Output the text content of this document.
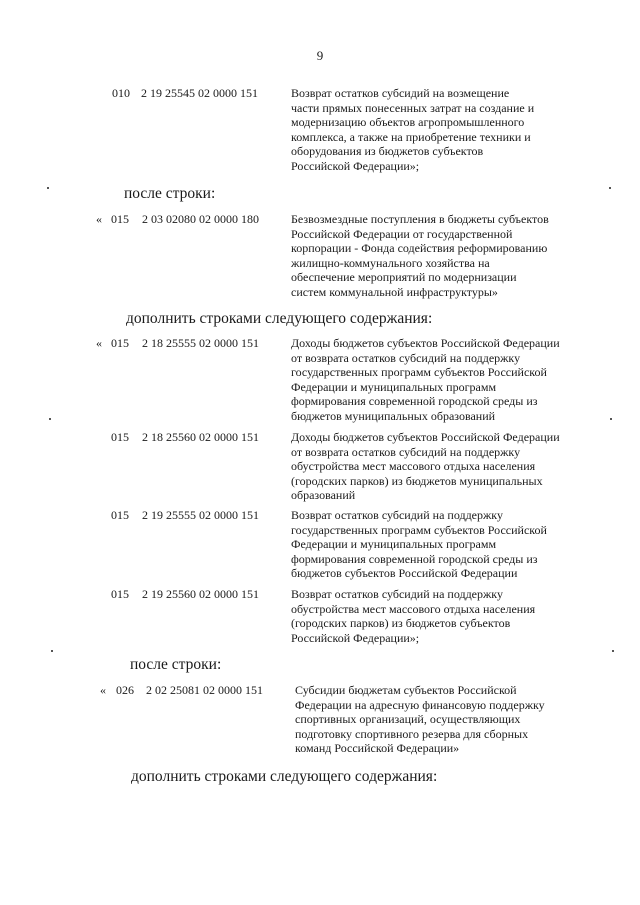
9
010 2 19 25545 02 0000 151	Возврат остатков субсидий на возмещение
части прямых понесенных затрат на создание и
модернизацию объектов агропромышленного
комплекса, а также на приобретение техники и
оборудования из бюджетов субъектов
Российской Федерации»;
после строки:
« 015 2 03 02080 02 0000 180	Безвозмездные поступления в бюджеты субъектов
Российской Федерации от государственной
корпорации - Фонда содействия реформированию
жилищно-коммунального хозяйства на
обеспечение мероприятий по модернизации
систем коммунальной инфраструктуры»
дополнить строками следующего содержания:
« 015 2 18 25555 02 0000 151	Доходы бюджетов субъектов Российской Федерации
от возврата остатков субсидий на поддержку
государственных программ субъектов Российской
Федерации и муниципальных программ
формирования современной городской среды из
бюджетов муниципальных образований
015 2 18 25560 02 0000 151	Доходы бюджетов субъектов Российской Федерации
от возврата остатков субсидий на поддержку
обустройства мест массового отдыха населения
(городских парков) из бюджетов муниципальных
образований
015 2 19 25555 02 0000 151	Возврат остатков субсидий на поддержку
государственных программ субъектов Российской
Федерации и муниципальных программ
формирования современной городской среды из
бюджетов субъектов Российской Федерации
015 2 19 25560 02 0000 151	Возврат остатков субсидий на поддержку
обустройства мест массового отдыха населения
(городских парков) из бюджетов субъектов
Российской Федерации»;
после строки:
« 026 2 02 25081 02 0000 151	Субсидии бюджетам субъектов Российской
Федерации на адресную финансовую поддержку
спортивных организаций, осуществляющих
подготовку спортивного резерва для сборных
команд Российской Федерации»
дополнить строками следующего содержания:
